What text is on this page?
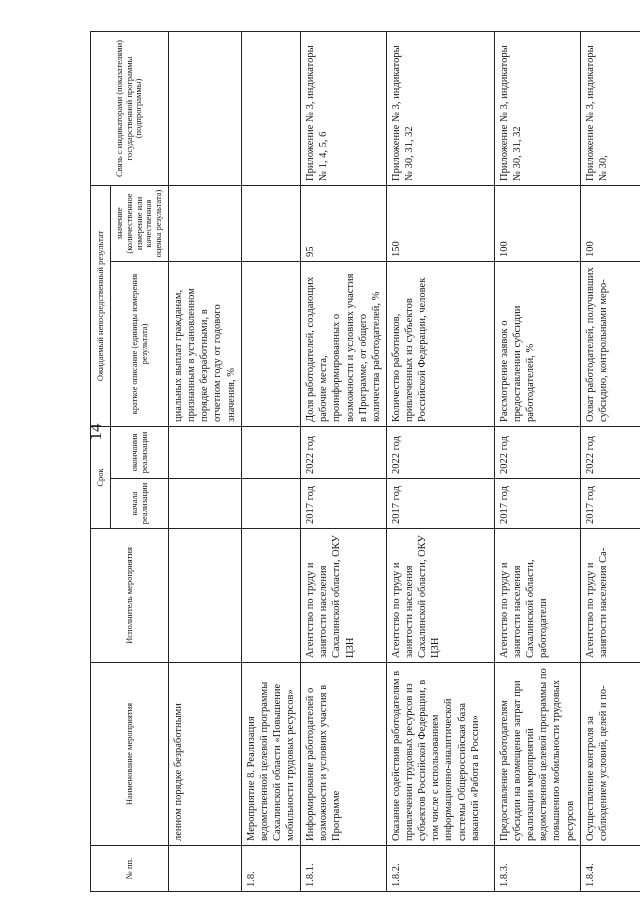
14
№ пп.	Наименование мероприятия	Исполнитель мероприятия	Срок		Ожидаемый непосредственный результат		Связь с индикаторами (показателями) государственной программы (подпрограммы)
			начала реализации	окончания реализации	краткое описание (единицы измерения результата)	значение (количественное измерение или качественная оценка результата)	
	ленном порядке безработными				циальных выплат гражданам, признанным в установленном порядке безработными, в отчетном году от годового значения, %		
1.8.	Мероприятие 8. Реализация ведомственной целевой программы Сахалинской области «Повышение мобильности трудовых ресурсов»						
1.8.1.	Информирование работодателей о возможности и условиях участия в Программе	Агентство по труду и занятости населения Сахалинской области, ОКУ ЦЗН	2017 год	2022 год	Доля работодателей, создающих рабочие места, проинформированных о возможности и условиях участия в Программе, от общего количества работодателей, %	95	Приложение № 3, индикаторы № 1, 4, 5, 6
1.8.2.	Оказание содействия работодателям в привлечении трудовых ресурсов из субъектов Российской Федерации, в том числе с использованием информационно-аналитической системы Общероссийская база вакансий «Работа в России»	Агентство по труду и занятости населения Сахалинской области, ОКУ ЦЗН	2017 год	2022 год	Количество работников, привлеченных из субъектов Российской Федерации, человек	150	Приложение № 3, индикаторы № 30, 31, 32
1.8.3.	Предоставление работодателям субсидии на возмещение затрат при реализации мероприятий ведомственной целевой программы по повышению мобильности трудовых ресурсов	Агентство по труду и занятости населения Сахалинской области, работодатели	2017 год	2022 год	Рассмотрение заявок о предоставлении субсидии работодателей, %	100	Приложение № 3, индикаторы № 30, 31, 32
1.8.4.	Осуществление контроля за соблюдением условий, целей и по-	Агентство по труду и занятости населения Са-	2017 год	2022 год	Охват работодателей, получивших субсидию, контрольными меро-	100	Приложение № 3, индикаторы № 30,
